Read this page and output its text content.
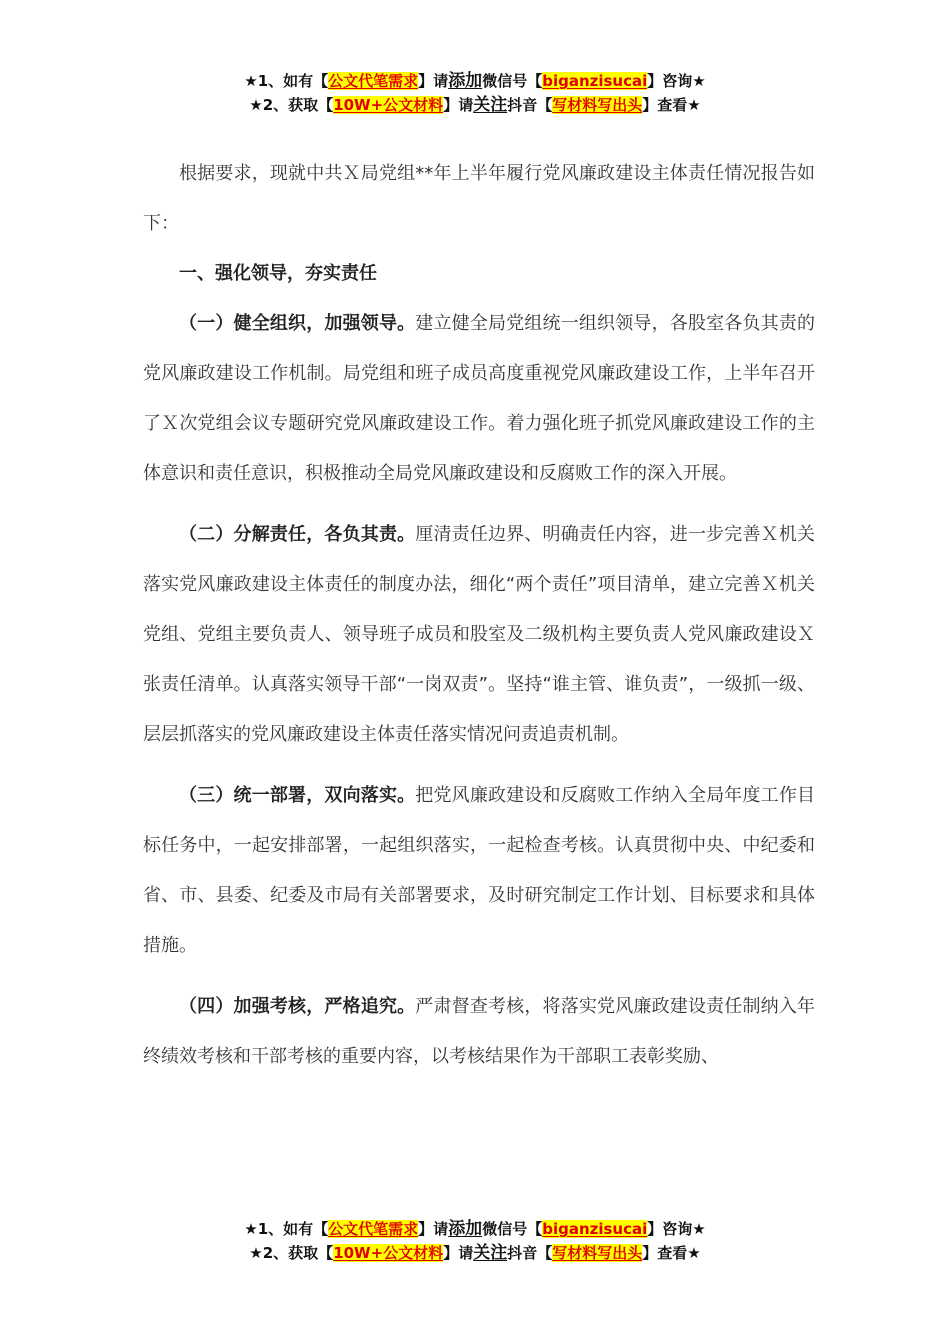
★1、如有【公文代笔需求】请添加微信号【biganzisucai】咨询★
★2、获取【10W+公文材料】请关注抖音【写材料写出头】查看★

根据要求，现就中共Ｘ局党组**年上半年履行党风廉政建设主体责任情况报告如下：

一、强化领导，夯实责任

（一）健全组织，加强领导。建立健全局党组统一组织领导，各股室各负其责的党风廉政建设工作机制。局党组和班子成员高度重视党风廉政建设工作，上半年召开了Ｘ次党组会议专题研究党风廉政建设工作。着力强化班子抓党风廉政建设工作的主体意识和责任意识，积极推动全局党风廉政建设和反腐败工作的深入开展。

（二）分解责任，各负其责。厘清责任边界、明确责任内容，进一步完善Ｘ机关落实党风廉政建设主体责任的制度办法，细化“两个责任”项目清单，建立完善Ｘ机关党组、党组主要负责人、领导班子成员和股室及二级机构主要负责人党风廉政建设Ｘ张责任清单。认真落实领导干部“一岗双责”。坚持“谁主管、谁负责”，一级抓一级、层层抓落实的党风廉政建设主体责任落实情况问责追责机制。

（三）统一部署，双向落实。把党风廉政建设和反腐败工作纳入全局年度工作目标任务中，一起安排部署，一起组织落实，一起检查考核。认真贯彻中央、中纪委和省、市、县委、纪委及市局有关部署要求，及时研究制定工作计划、目标要求和具体措施。

（四）加强考核，严格追究。严肃督查考核，将落实党风廉政建设责任制纳入年终绩效考核和干部考核的重要内容，以考核结果作为干部职工表彰奖励、

★1、如有【公文代笔需求】请添加微信号【biganzisucai】咨询★
★2、获取【10W+公文材料】请关注抖音【写材料写出头】查看★
